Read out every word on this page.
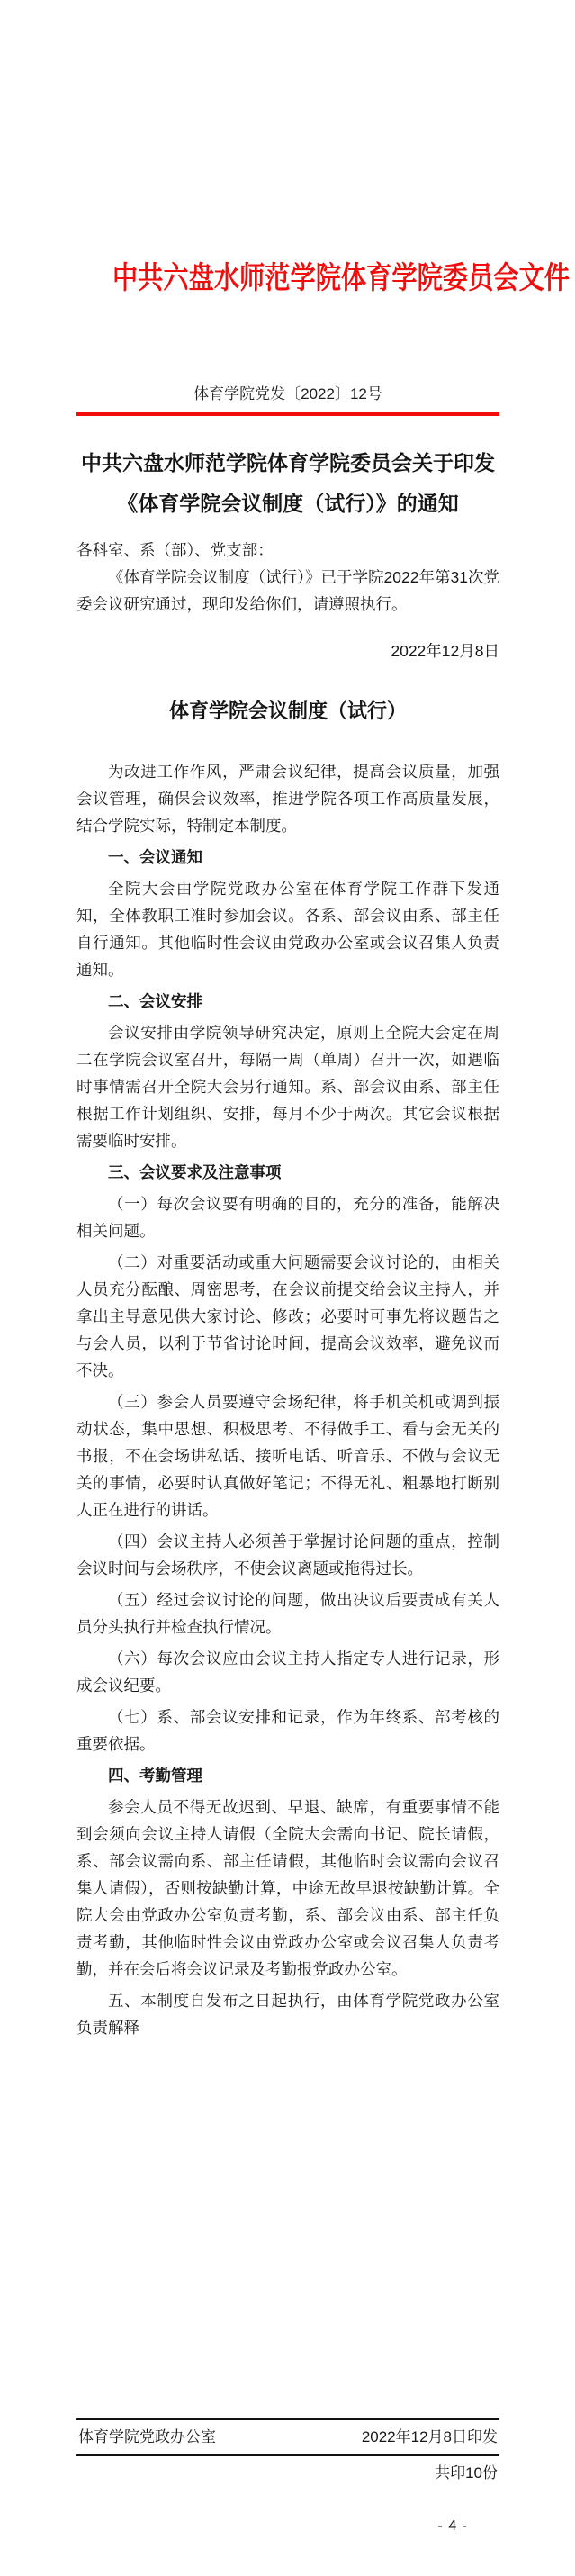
中共六盘水师范学院体育学院委员会文件
体育学院党发〔2022〕12号
中共六盘水师范学院体育学院委员会关于印发
《体育学院会议制度（试行）》的通知
各科室、系（部）、党支部：

《体育学院会议制度（试行）》已于学院2022年第31次党委会议研究通过，现印发给你们，请遵照执行。

2022年12月8日
体育学院会议制度（试行）

为改进工作作风，严肃会议纪律，提高会议质量，加强会议管理，确保会议效率，推进学院各项工作高质量发展，结合学院实际，特制定本制度。

一、会议通知

全院大会由学院党政办公室在体育学院工作群下发通知，全体教职工准时参加会议。各系、部会议由系、部主任自行通知。其他临时性会议由党政办公室或会议召集人负责通知。

二、会议安排

会议安排由学院领导研究决定，原则上全院大会定在周二在学院会议室召开，每隔一周（单周）召开一次，如遇临时事情需召开全院大会另行通知。系、部会议由系、部主任根据工作计划组织、安排，每月不少于两次。其它会议根据需要临时安排。

三、会议要求及注意事项

（一）每次会议要有明确的目的，充分的准备，能解决相关问题。

（二）对重要活动或重大问题需要会议讨论的，由相关人员充分酝酿、周密思考，在会议前提交给会议主持人，并拿出主导意见供大家讨论、修改；必要时可事先将议题告之与会人员，以利于节省讨论时间，提高会议效率，避免议而不决。

（三）参会人员要遵守会场纪律，将手机关机或调到振动状态，集中思想、积极思考、不得做手工、看与会无关的书报，不在会场讲私话、接听电话、听音乐、不做与会议无关的事情，必要时认真做好笔记；不得无礼、粗暴地打断别人正在进行的讲话。

（四）会议主持人必须善于掌握讨论问题的重点，控制会议时间与会场秩序，不使会议离题或拖得过长。

（五）经过会议讨论的问题，做出决议后要责成有关人员分头执行并检查执行情况。

（六）每次会议应由会议主持人指定专人进行记录，形成会议纪要。

（七）系、部会议安排和记录，作为年终系、部考核的重要依据。

四、考勤管理

参会人员不得无故迟到、早退、缺席，有重要事情不能到会须向会议主持人请假（全院大会需向书记、院长请假，系、部会议需向系、部主任请假，其他临时会议需向会议召集人请假），否则按缺勤计算，中途无故早退按缺勤计算。全院大会由党政办公室负责考勤，系、部会议由系、部主任负责考勤，其他临时性会议由党政办公室或会议召集人负责考勤，并在会后将会议记录及考勤报党政办公室。

五、本制度自发布之日起执行，由体育学院党政办公室负责解释

体育学院党政办公室	2022年12月8日印发
共印10份
- 4 -
